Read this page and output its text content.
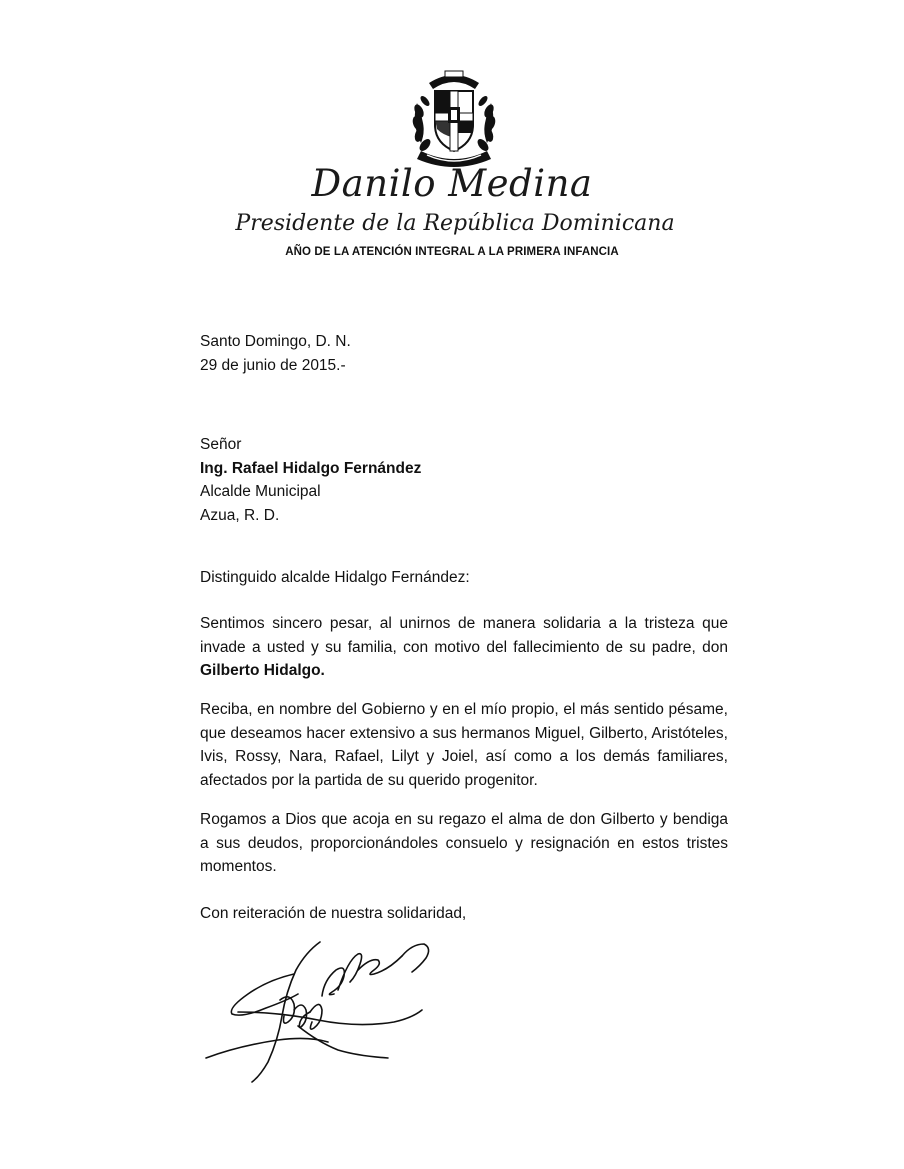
Danilo Medina
Presidente de la República Dominicana
AÑO DE LA ATENCIÓN INTEGRAL A LA PRIMERA INFANCIA
Santo Domingo, D. N.
29 de junio de 2015.-
Señor
Ing. Rafael Hidalgo Fernández
Alcalde Municipal
Azua, R. D.
Distinguido alcalde Hidalgo Fernández:
Sentimos sincero pesar, al unirnos de manera solidaria a la tristeza que invade a usted y su familia, con motivo del fallecimiento de su padre, don Gilberto Hidalgo.
Reciba, en nombre del Gobierno y en el mío propio, el más sentido pésame, que deseamos hacer extensivo a sus hermanos Miguel, Gilberto, Aristóteles, Ivis, Rossy, Nara, Rafael, Lilyt y Joiel, así como a los demás familiares, afectados por la partida de su querido progenitor.
Rogamos a Dios que acoja en su regazo el alma de don Gilberto y bendiga a sus deudos, proporcionándoles consuelo y resignación en estos tristes momentos.
Con reiteración de nuestra solidaridad,
